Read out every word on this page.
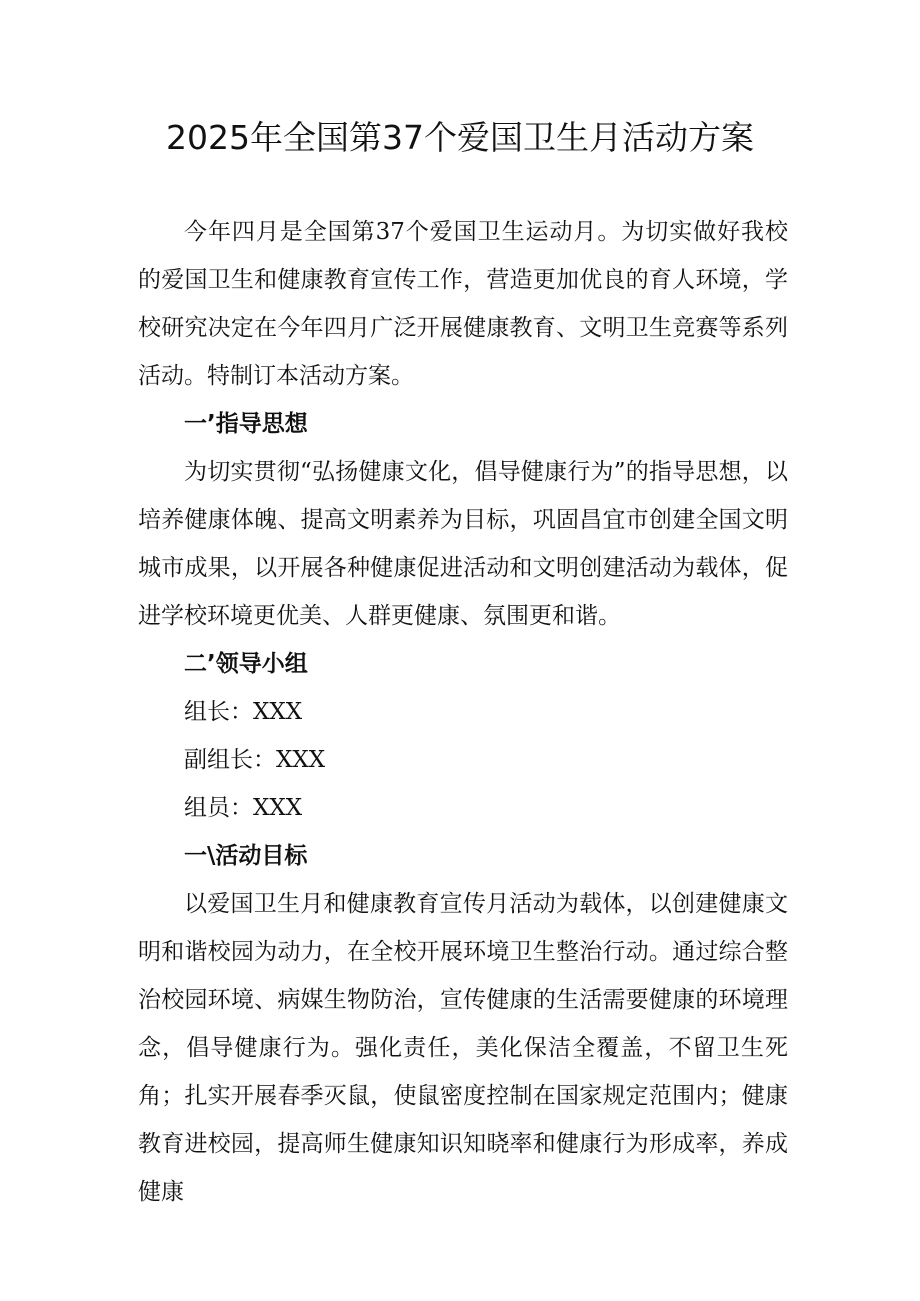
2025年全国第37个爱国卫生月活动方案

今年四月是全国第37个爱国卫生运动月。为切实做好我校的爱国卫生和健康教育宣传工作，营造更加优良的育人环境，学校研究决定在今年四月广泛开展健康教育、文明卫生竞赛等系列活动。特制订本活动方案。

一’指导思想

为切实贯彻“弘扬健康文化，倡导健康行为”的指导思想，以培养健康体魄、提高文明素养为目标，巩固昌宜市创建全国文明城市成果，以开展各种健康促进活动和文明创建活动为载体，促进学校环境更优美、人群更健康、氛围更和谐。

二’领导小组
组长：XXX
副组长：XXX
组员：XXX
一\活动目标

以爱国卫生月和健康教育宣传月活动为载体，以创建健康文明和谐校园为动力，在全校开展环境卫生整治行动。通过综合整治校园环境、病媒生物防治，宣传健康的生活需要健康的环境理念，倡导健康行为。强化责任，美化保洁全覆盖，不留卫生死角；扎实开展春季灭鼠，使鼠密度控制在国家规定范围内；健康教育进校园，提高师生健康知识知晓率和健康行为形成率，养成健康
